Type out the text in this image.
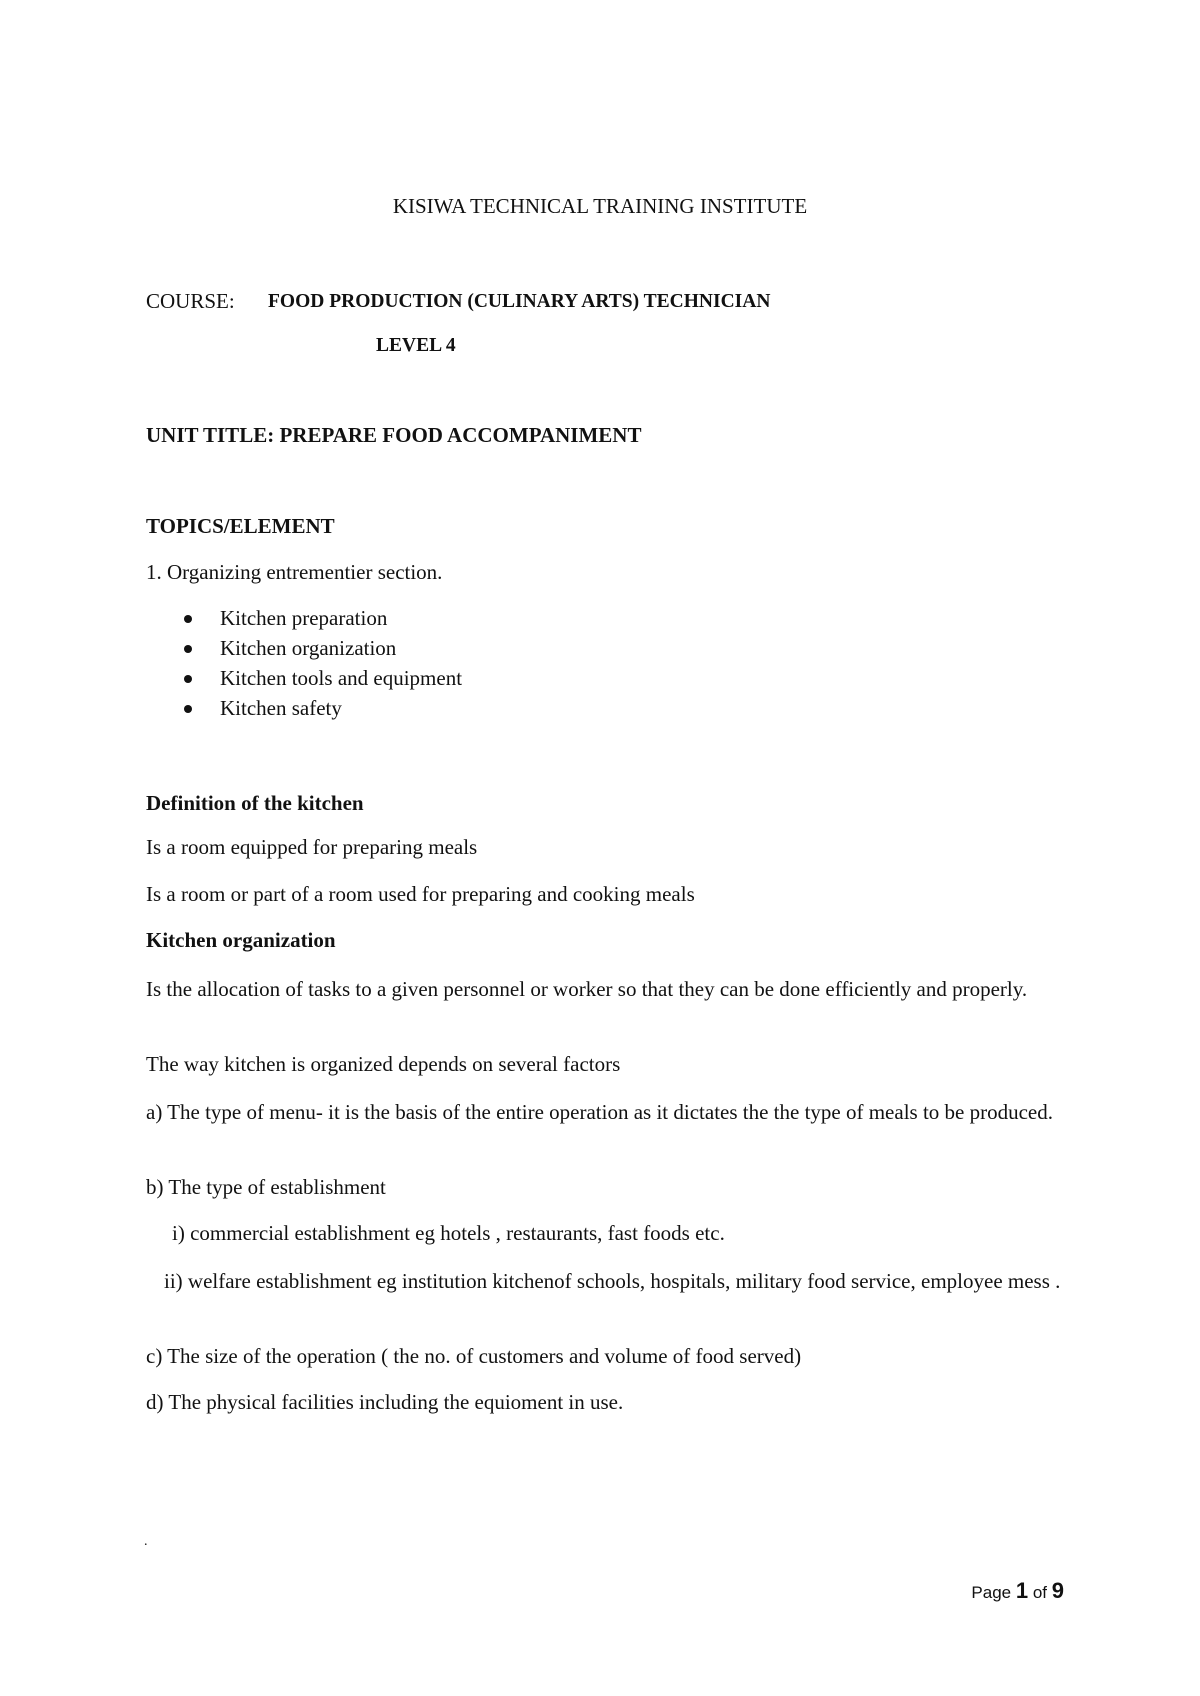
KISIWA TECHNICAL TRAINING INSTITUTE
COURSE: FOOD PRODUCTION (CULINARY ARTS) TECHNICIAN
LEVEL 4
UNIT TITLE: PREPARE FOOD ACCOMPANIMENT
TOPICS/ELEMENT
1. Organizing entrementier section.
Kitchen preparation
Kitchen organization
Kitchen tools and equipment
Kitchen safety
Definition of the kitchen
Is a room equipped for preparing meals
Is a room or part of a room used for preparing and cooking meals
Kitchen organization
Is the allocation of tasks to a given personnel or worker so that they can be done efficiently and properly.
The way kitchen is organized depends on several factors
a) The type of menu- it is the basis of the entire operation as it dictates the the type of meals to be produced.
b) The type of establishment
i) commercial establishment eg hotels , restaurants, fast foods etc.
ii) welfare establishment eg institution kitchenof schools, hospitals, military food service, employee mess .
c) The size of the operation ( the no. of customers and volume of food served)
d) The physical facilities including the equioment in use.
.
Page 1 of 9
